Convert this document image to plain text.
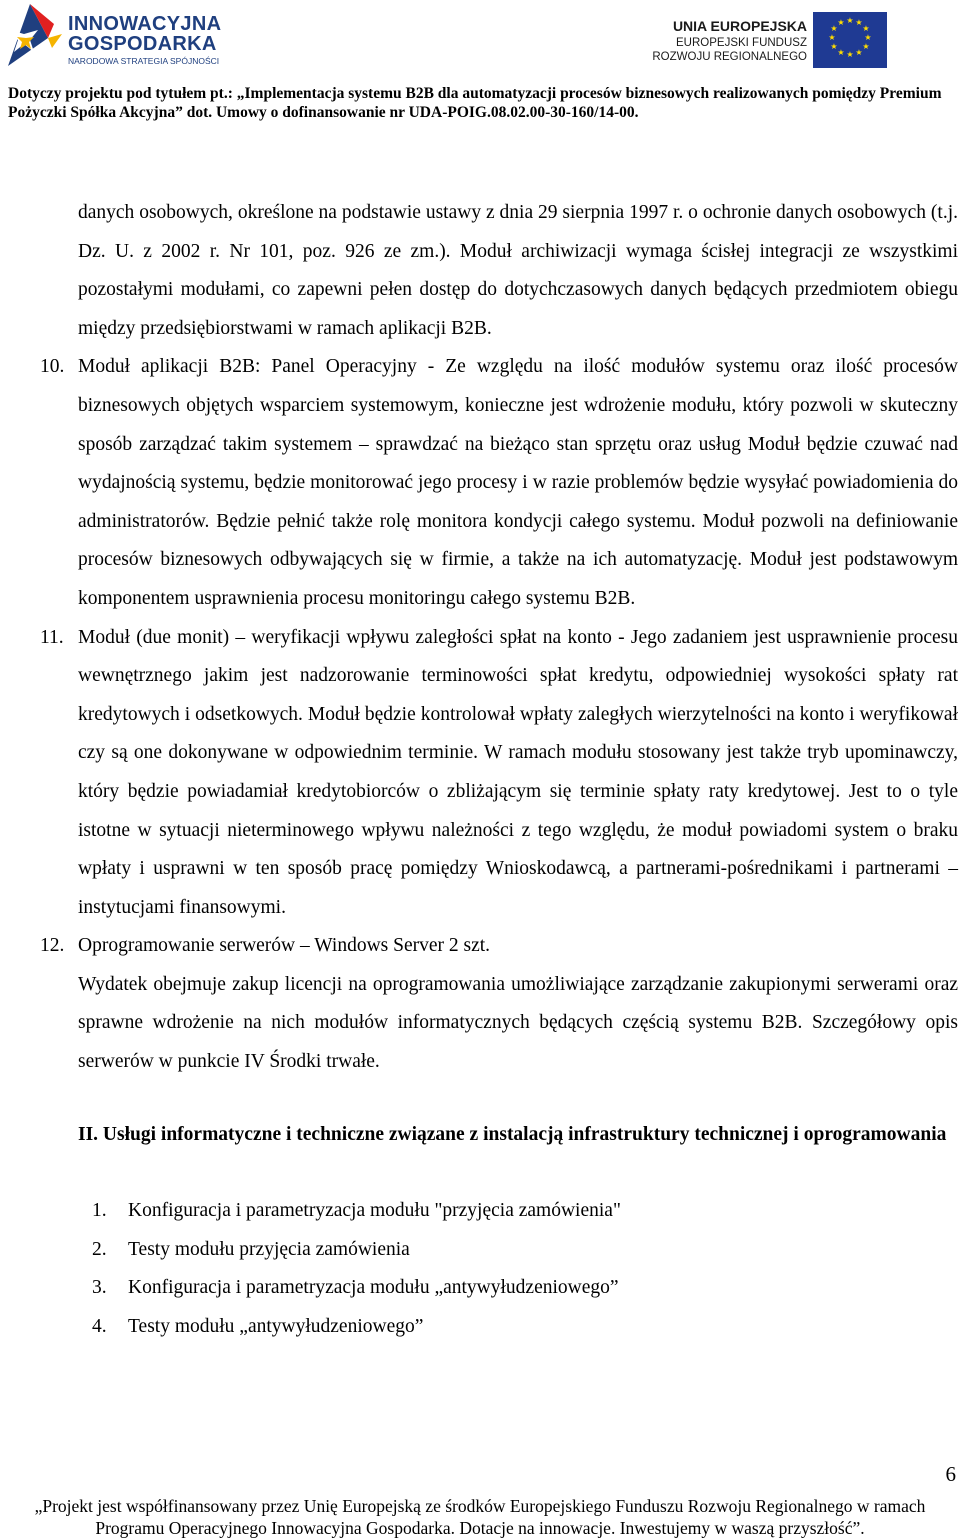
INNOWACYJNA
GOSPODARKA
NARODOWA STRATEGIA SPÓJNOŚCI
UNIA EUROPEJSKA
EUROPEJSKI FUNDUSZ
ROZWOJU REGIONALNEGO
★ ★
★
★
★
★
★
★
★
★
★
★
Dotyczy projektu pod tytułem pt.: „Implementacja systemu B2B dla automatyzacji procesów biznesowych realizowanych pomiędzy Premium
Pożyczki Spółka Akcyjna” dot. Umowy o dofinansowanie nr UDA-POIG.08.02.00-30-160/14-00.

danych osobowych, określone na podstawie ustawy z dnia 29 sierpnia 1997 r. o ochronie danych osobowych (t.j. Dz. U. z 2002 r. Nr 101, poz. 926 ze zm.). Moduł archiwizacji wymaga ścisłej integracji ze wszystkimi pozostałymi modułami, co zapewni pełen dostęp do dotychczasowych danych będących przedmiotem obiegu między przedsiębiorstwami w ramach aplikacji B2B.

10. Moduł aplikacji B2B: Panel Operacyjny - Ze względu na ilość modułów systemu oraz ilość procesów biznesowych objętych wsparciem systemowym, konieczne jest wdrożenie modułu, który pozwoli w skuteczny sposób zarządzać takim systemem – sprawdzać na bieżąco stan sprzętu oraz usług Moduł będzie czuwać nad wydajnością systemu, będzie monitorować jego procesy i w razie problemów będzie wysyłać powiadomienia do administratorów. Będzie pełnić także rolę monitora kondycji całego systemu. Moduł pozwoli na definiowanie procesów biznesowych odbywających się w firmie, a także na ich automatyzację. Moduł jest podstawowym komponentem usprawnienia procesu monitoringu całego systemu B2B.
11. Moduł (due monit) – weryfikacji wpływu zaległości spłat na konto - Jego zadaniem jest usprawnienie procesu wewnętrznego jakim jest nadzorowanie terminowości spłat kredytu, odpowiedniej wysokości spłaty rat kredytowych i odsetkowych. Moduł będzie kontrolował wpłaty zaległych wierzytelności na konto i weryfikował czy są one dokonywane w odpowiednim terminie. W ramach modułu stosowany jest także tryb upominawczy, który będzie powiadamiał kredytobiorców o zbliżającym się terminie spłaty raty kredytowej. Jest to o tyle istotne w sytuacji nieterminowego wpływu należności z tego względu, że moduł powiadomi system o braku wpłaty i usprawni w ten sposób pracę pomiędzy Wnioskodawcą, a partnerami-pośrednikami i partnerami – instytucjami finansowymi.
12. Oprogramowanie serwerów – Windows Server 2 szt.

Wydatek obejmuje zakup licencji na oprogramowania umożliwiające zarządzanie zakupionymi serwerami oraz sprawne wdrożenie na nich modułów informatycznych będących częścią systemu B2B. Szczegółowy opis serwerów w punkcie IV Środki trwałe.

II. Usługi informatyczne i techniczne związane z instalacją infrastruktury technicznej i oprogramowania

1. Konfiguracja i parametryzacja modułu "przyjęcia zamówienia"
2. Testy modułu przyjęcia zamówienia
3. Konfiguracja i parametryzacja modułu „antywyłudzeniowego”
4. Testy modułu „antywyłudzeniowego”
6
„Projekt jest współfinansowany przez Unię Europejską ze środków Europejskiego Funduszu Rozwoju Regionalnego w ramach
Programu Operacyjnego Innowacyjna Gospodarka. Dotacje na innowacje. Inwestujemy w waszą przyszłość”.
